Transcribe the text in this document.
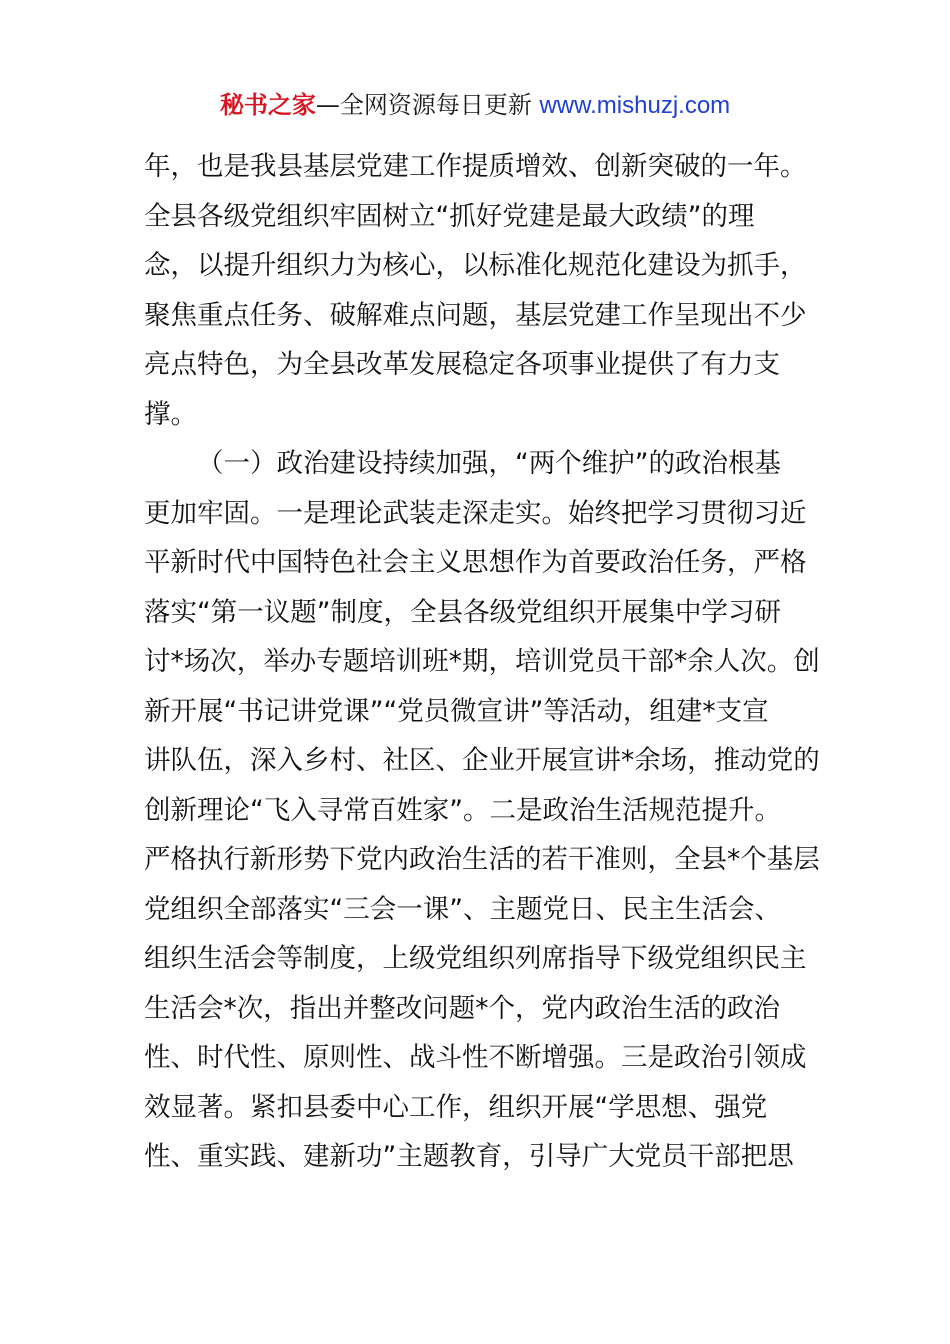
秘书之家—全网资源每日更新 www.mishuzj.com
年，也是我县基层党建工作提质增效、创新突破的一年。
全县各级党组织牢固树立“抓好党建是最大政绩”的理
念，以提升组织力为核心，以标准化规范化建设为抓手，
聚焦重点任务、破解难点问题，基层党建工作呈现出不少
亮点特色，为全县改革发展稳定各项事业提供了有力支
撑。
（一）政治建设持续加强，“两个维护”的政治根基
更加牢固。一是理论武装走深走实。始终把学习贯彻习近
平新时代中国特色社会主义思想作为首要政治任务，严格
落实“第一议题”制度，全县各级党组织开展集中学习研
讨*场次，举办专题培训班*期，培训党员干部*余人次。创
新开展“书记讲党课”“党员微宣讲”等活动，组建*支宣
讲队伍，深入乡村、社区、企业开展宣讲*余场，推动党的
创新理论“飞入寻常百姓家”。二是政治生活规范提升。
严格执行新形势下党内政治生活的若干准则，全县*个基层
党组织全部落实“三会一课”、主题党日、民主生活会、
组织生活会等制度，上级党组织列席指导下级党组织民主
生活会*次，指出并整改问题*个，党内政治生活的政治
性、时代性、原则性、战斗性不断增强。三是政治引领成
效显著。紧扣县委中心工作，组织开展“学思想、强党
性、重实践、建新功”主题教育，引导广大党员干部把思
